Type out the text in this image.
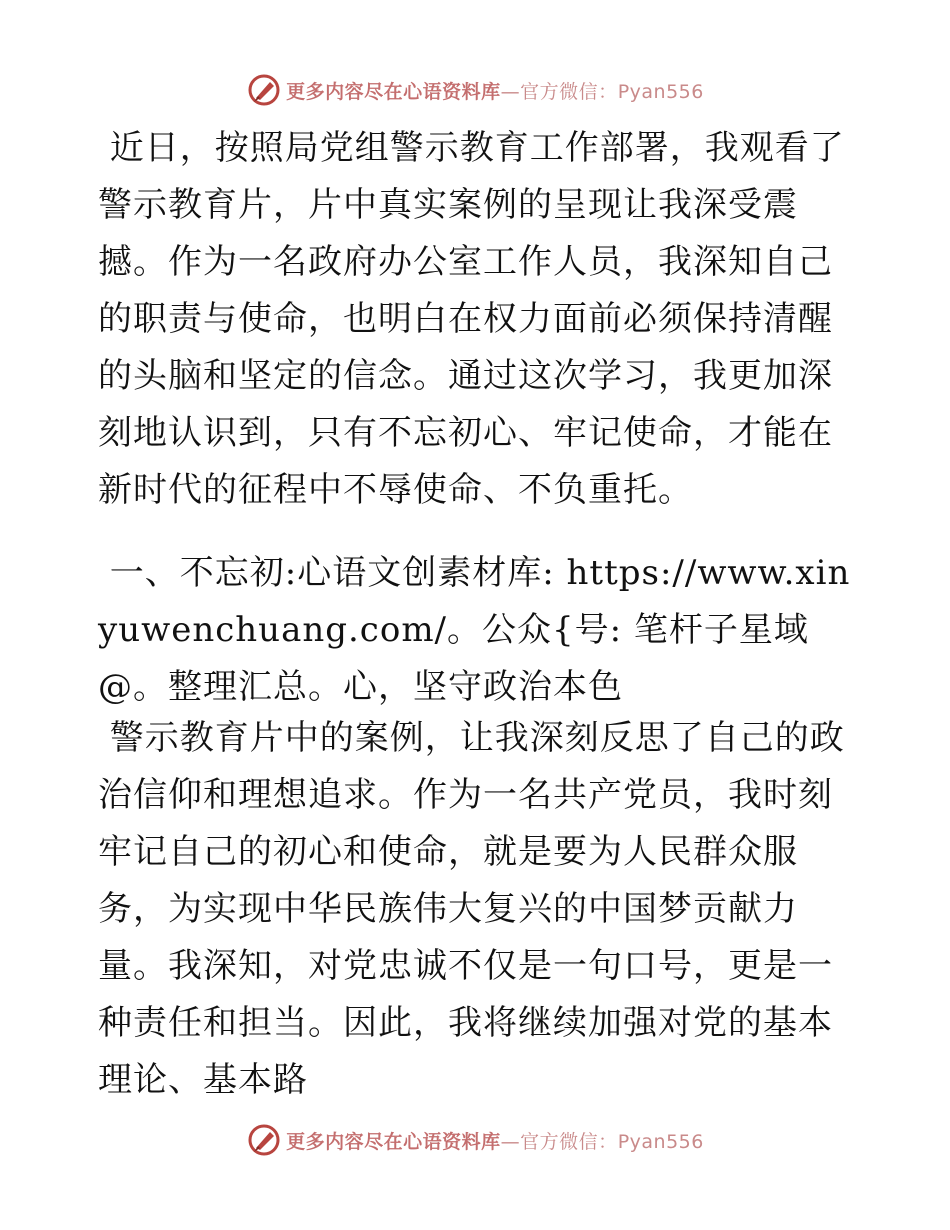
更多内容尽在心语资料库—官方微信：Pyan556

近日，按照局党组警示教育工作部署，我观看了警示教育片，片中真实案例的呈现让我深受震撼。作为一名政府办公室工作人员，我深知自己的职责与使命，也明白在权力面前必须保持清醒的头脑和坚定的信念。通过这次学习，我更加深刻地认识到，只有不忘初心、牢记使命，才能在新时代的征程中不辱使命、不负重托。

一、不忘初:心语文创素材库: https://www.xinyuwenchuang.com/。公众{号: 笔杆子星域@。整理汇总。心，坚守政治本色

警示教育片中的案例，让我深刻反思了自己的政治信仰和理想追求。作为一名共产党员，我时刻牢记自己的初心和使命，就是要为人民群众服务，为实现中华民族伟大复兴的中国梦贡献力量。我深知，对党忠诚不仅是一句口号，更是一种责任和担当。因此，我将继续加强对党的基本理论、基本路

更多内容尽在心语资料库—官方微信：Pyan556
